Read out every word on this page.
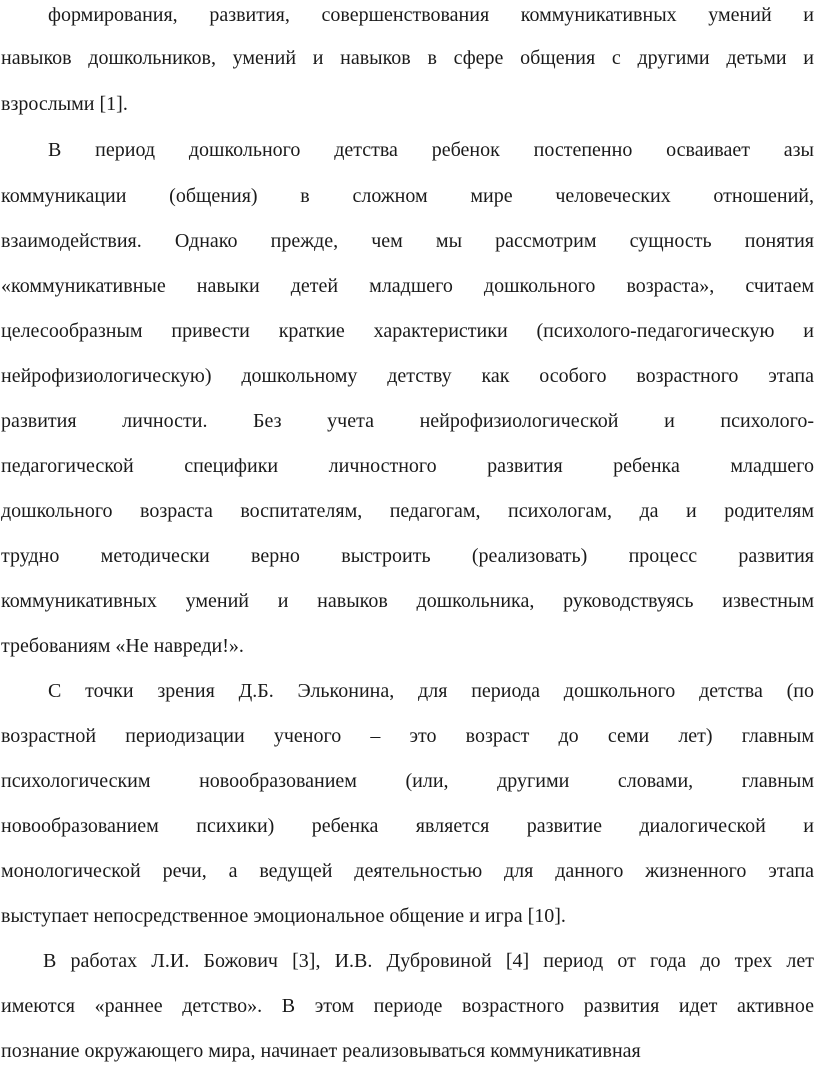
формирования, развития, совершенствования коммуникативных умений и
навыков дошкольников, умений и навыков в сфере общения с другими детьми и
взрослыми [1].
В период дошкольного детства ребенок постепенно осваивает азы
коммуникации (общения) в сложном мире человеческих отношений,
взаимодействия. Однако прежде, чем мы рассмотрим сущность понятия
«коммуникативные навыки детей младшего дошкольного возраста», считаем
целесообразным привести краткие характеристики (психолого-педагогическую и
нейрофизиологическую) дошкольному детству как особого возрастного этапа
развития личности. Без учета нейрофизиологической и психолого-
педагогической специфики личностного развития ребенка младшего
дошкольного возраста воспитателям, педагогам, психологам, да и родителям
трудно методически верно выстроить (реализовать) процесс развития
коммуникативных умений и навыков дошкольника, руководствуясь известным
требованиям «Не навреди!».
С точки зрения Д.Б. Эльконина, для периода дошкольного детства (по
возрастной периодизации ученого – это возраст до семи лет) главным
психологическим новообразованием (или, другими словами, главным
новообразованием психики) ребенка является развитие диалогической и
монологической речи, а ведущей деятельностью для данного жизненного этапа
выступает непосредственное эмоциональное общение и игра [10].
В работах Л.И. Божович [3], И.В. Дубровиной [4] период от года до трех лет
имеются «раннее детство». В этом периоде возрастного развития идет активное
познание окружающего мира, начинает реализовываться коммуникативная
